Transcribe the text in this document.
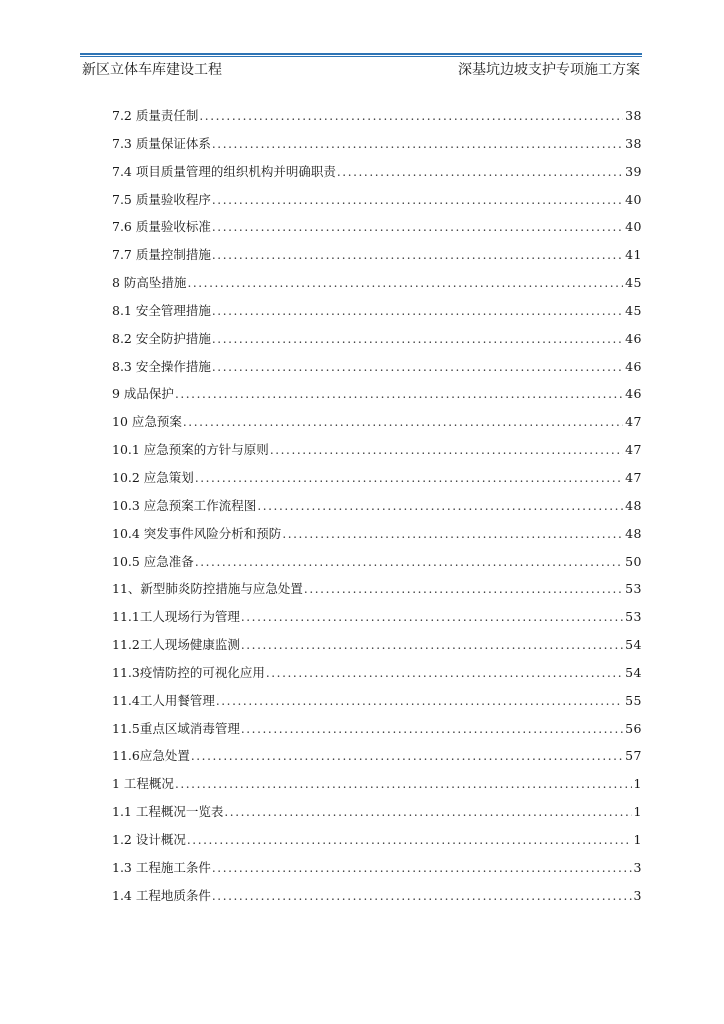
新区立体车库建设工程	深基坑边坡支护专项施工方案
7.2 质量责任制 .....	38
7.3 质量保证体系 .....	38
7.4 项目质量管理的组织机构并明确职责 .....	39
7.5 质量验收程序 .....	40
7.6 质量验收标准 .....	40
7.7 质量控制措施 .....	41
8 防高坠措施 .....	45
8.1 安全管理措施 .....	45
8.2 安全防护措施 .....	46
8.3 安全操作措施 .....	46
9 成品保护 .....	46
10 应急预案 .....	47
10.1 应急预案的方针与原则 .....	47
10.2 应急策划 .....	47
10.3 应急预案工作流程图 .....	48
10.4 突发事件风险分析和预防 .....	48
10.5 应急准备 .....	50
11、新型肺炎防控措施与应急处置 .....	53
11.1工人现场行为管理 .....	53
11.2工人现场健康监测 .....	54
11.3疫情防控的可视化应用 .....	54
11.4工人用餐管理 .....	55
11.5重点区域消毒管理 .....	56
11.6应急处置 .....	57
1 工程概况 .....	1
1.1 工程概况一览表 .....	1
1.2 设计概况 .....	1
1.3 工程施工条件 .....	3
1.4 工程地质条件 .....	3
